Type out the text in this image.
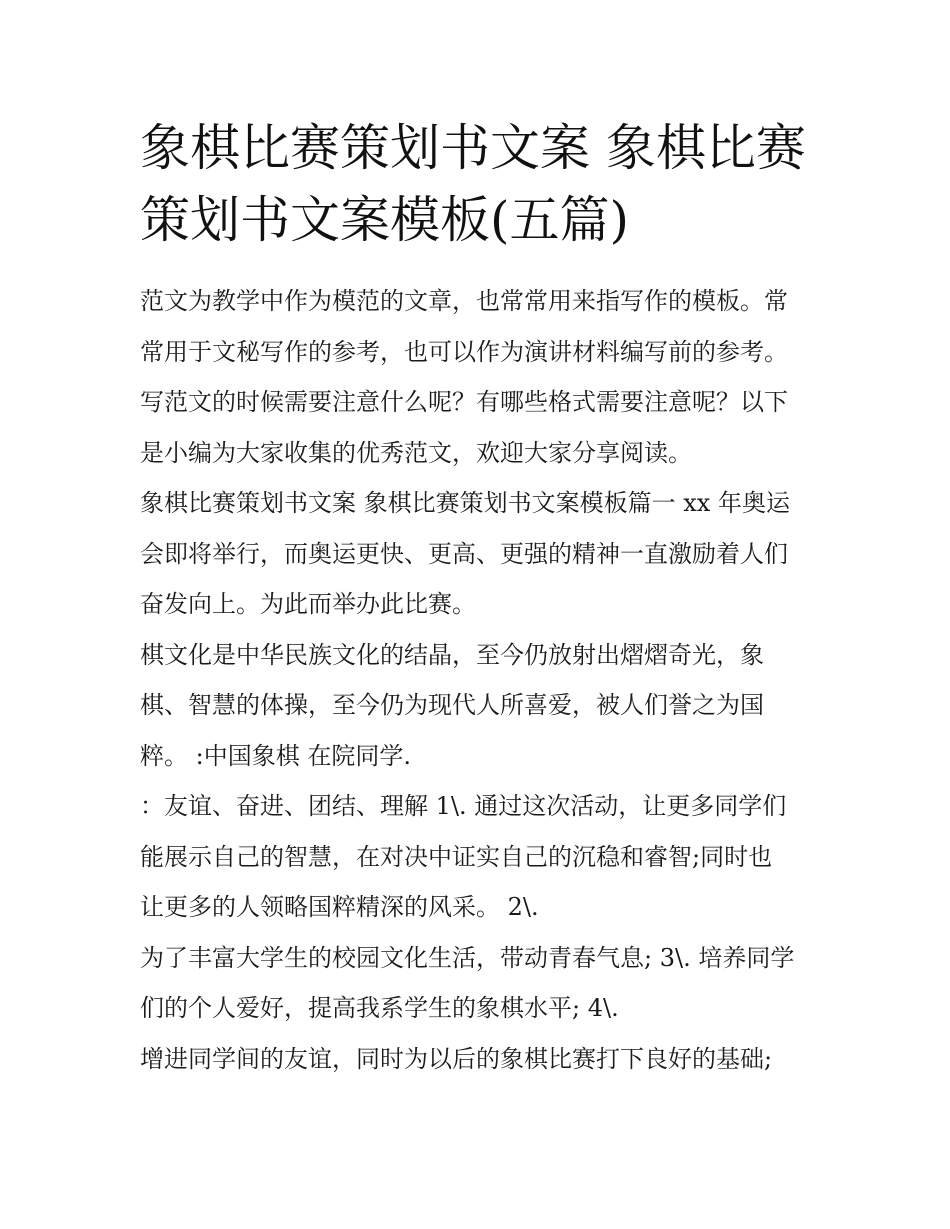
象棋比赛策划书文案 象棋比赛
策划书文案模板(五篇)
范文为教学中作为模范的文章，也常常用来指写作的模板。常
常用于文秘写作的参考，也可以作为演讲材料编写前的参考。
写范文的时候需要注意什么呢？有哪些格式需要注意呢？以下
是小编为大家收集的优秀范文，欢迎大家分享阅读。
象棋比赛策划书文案 象棋比赛策划书文案模板篇一 xx 年奥运
会即将举行，而奥运更快、更高、更强的精神一直激励着人们
奋发向上。为此而举办此比赛。
棋文化是中华民族文化的结晶，至今仍放射出熠熠奇光，象
棋、智慧的体操，至今仍为现代人所喜爱，被人们誉之为国
粹。 :中国象棋 在院同学.
：友谊、奋进、团结、理解 1\. 通过这次活动，让更多同学们
能展示自己的智慧，在对决中证实自己的沉稳和睿智;同时也
让更多的人领略国粹精深的风采。 2\.
为了丰富大学生的校园文化生活，带动青春气息; 3\. 培养同学
们的个人爱好，提高我系学生的象棋水平; 4\.
增进同学间的友谊，同时为以后的象棋比赛打下良好的基础;
